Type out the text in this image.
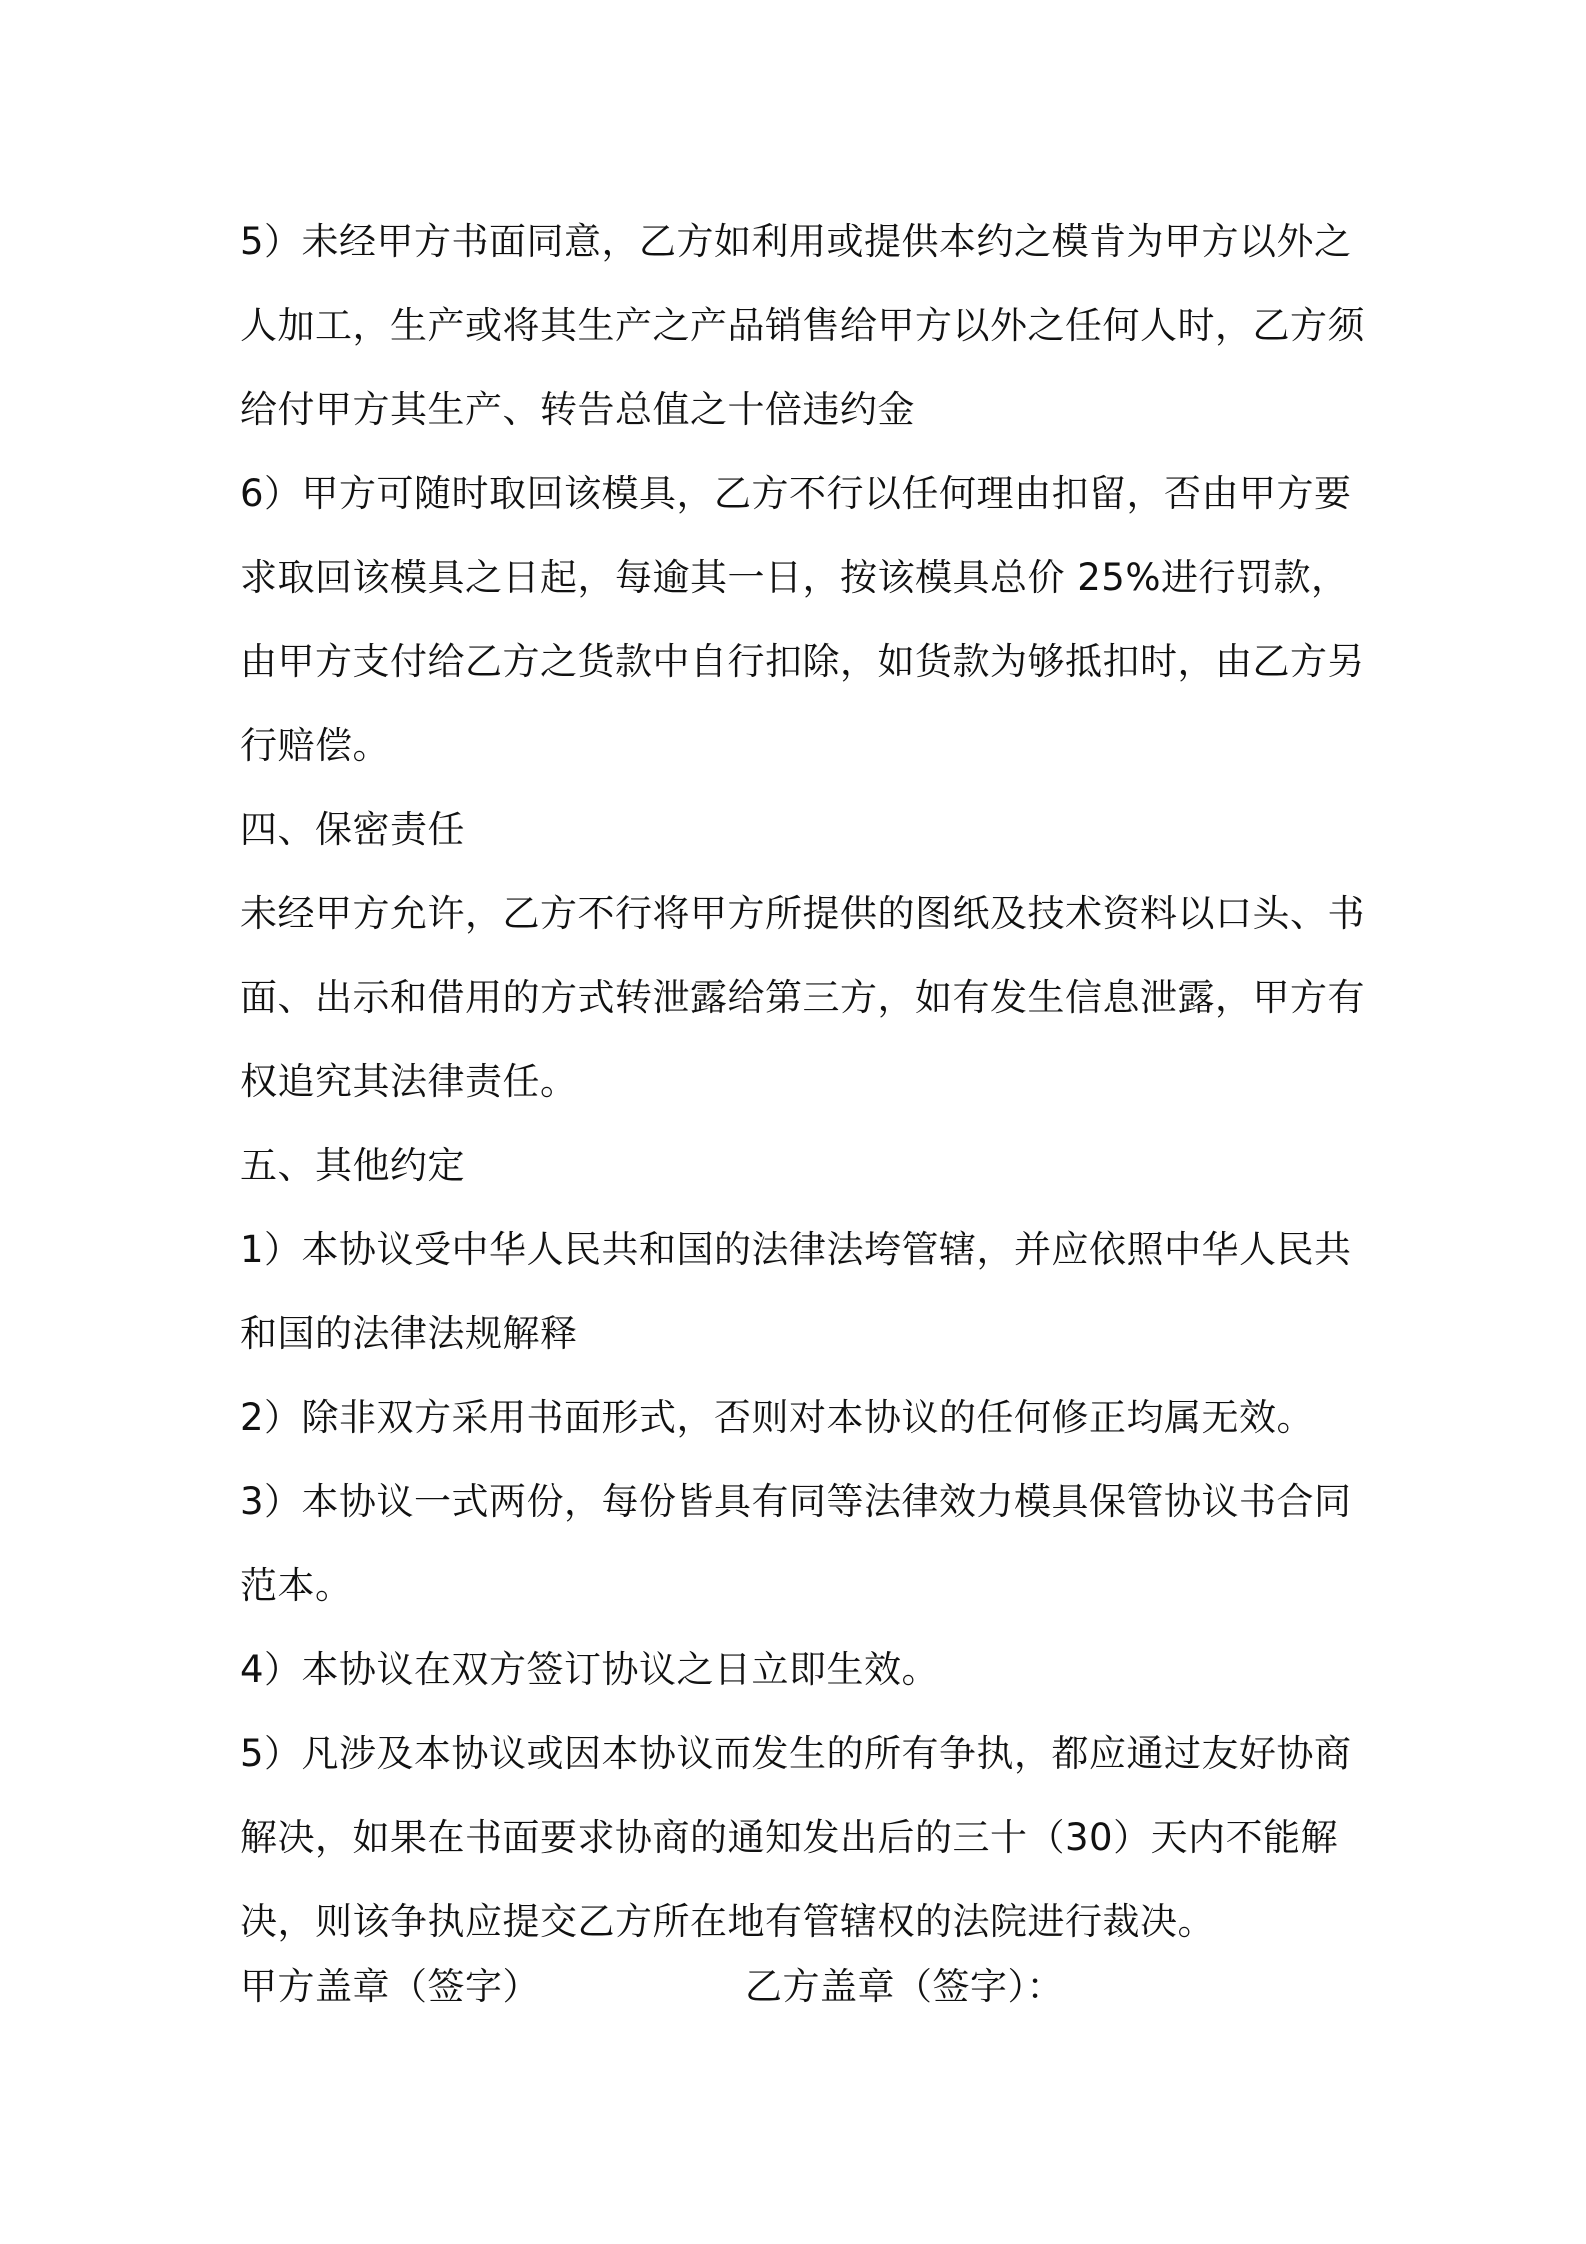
5）未经甲方书面同意，乙方如利用或提供本约之模肯为甲方以外之
人加工，生产或将其生产之产品销售给甲方以外之任何人时，乙方须
给付甲方其生产、转告总值之十倍违约金
6）甲方可随时取回该模具，乙方不行以任何理由扣留，否由甲方要
求取回该模具之日起，每逾其一日，按该模具总价 25%进行罚款，
由甲方支付给乙方之货款中自行扣除，如货款为够抵扣时，由乙方另
行赔偿。
四、保密责任
未经甲方允许，乙方不行将甲方所提供的图纸及技术资料以口头、书
面、出示和借用的方式转泄露给第三方，如有发生信息泄露，甲方有
权追究其法律责任。
五、其他约定
1）本协议受中华人民共和国的法律法垮管辖，并应依照中华人民共
和国的法律法规解释
2）除非双方采用书面形式，否则对本协议的任何修正均属无效。
3）本协议一式两份，每份皆具有同等法律效力模具保管协议书合同
范本。
4）本协议在双方签订协议之日立即生效。
5）凡涉及本协议或因本协议而发生的所有争执，都应通过友好协商
解决，如果在书面要求协商的通知发出后的三十（30）天内不能解
决，则该争执应提交乙方所在地有管辖权的法院进行裁决。
甲方盖章（签字）	乙方盖章（签字）：
